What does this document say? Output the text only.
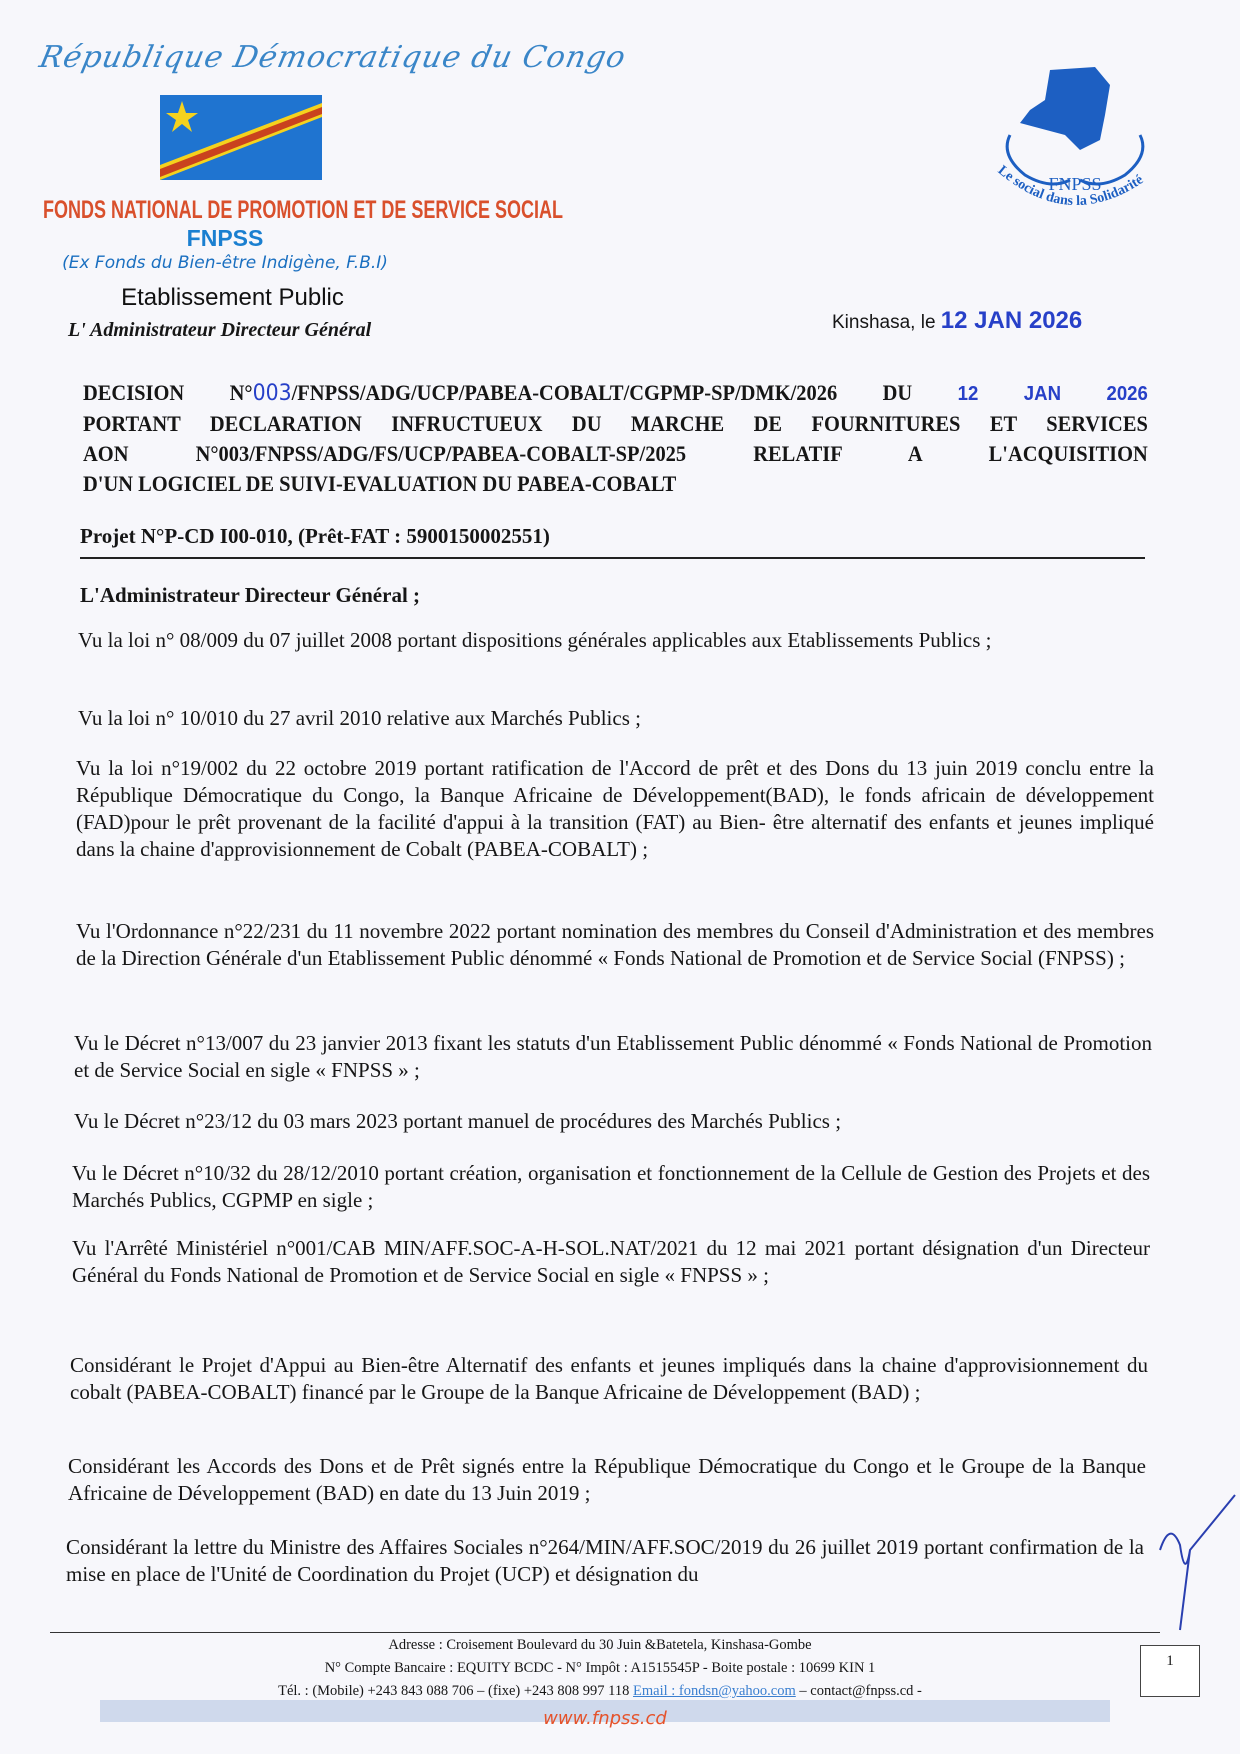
République Démocratique du Congo
FONDS NATIONAL DE PROMOTION ET DE SERVICE SOCIAL
FNPSS
(Ex Fonds du Bien-être Indigène, F.B.I)
Etablissement Public
L' Administrateur Directeur Général
FNPSS
Le social dans la Solidarité
Kinshasa, le 12 JAN 2026
DECISION N°003/FNPSS/ADG/UCP/PABEA-COBALT/CGPMP-SP/DMK/2026 DU 12 JAN 2026
PORTANT DECLARATION INFRUCTUEUX DU MARCHE DE FOURNITURES ET SERVICES
AON N°003/FNPSS/ADG/FS/UCP/PABEA-COBALT-SP/2025 RELATIF A L'ACQUISITION
D'UN LOGICIEL DE SUIVI-EVALUATION DU PABEA-COBALT
Projet N°P-CD I00-010, (Prêt-FAT : 5900150002551)
L'Administrateur Directeur Général ;
Vu la loi n° 08/009 du 07 juillet 2008 portant dispositions générales applicables aux Etablissements Publics ;
Vu la loi n° 10/010 du 27 avril 2010 relative aux Marchés Publics ;
Vu la loi n°19/002 du 22 octobre 2019 portant ratification de l'Accord de prêt et des Dons du 13 juin 2019 conclu entre la République Démocratique du Congo, la Banque Africaine de Développement(BAD), le fonds africain de développement (FAD)pour le prêt provenant de la facilité d'appui à la transition (FAT) au Bien- être alternatif des enfants et jeunes impliqué dans la chaine d'approvisionnement de Cobalt (PABEA-COBALT) ;
Vu l'Ordonnance n°22/231 du 11 novembre 2022 portant nomination des membres du Conseil d'Administration et des membres de la Direction Générale d'un Etablissement Public dénommé « Fonds National de Promotion et de Service Social (FNPSS) ;
Vu le Décret n°13/007 du 23 janvier 2013 fixant les statuts d'un Etablissement Public dénommé « Fonds National de Promotion et de Service Social en sigle « FNPSS » ;
Vu le Décret n°23/12 du 03 mars 2023 portant manuel de procédures des Marchés Publics ;
Vu le Décret n°10/32 du 28/12/2010 portant création, organisation et fonctionnement de la Cellule de Gestion des Projets et des Marchés Publics, CGPMP en sigle ;
Vu l'Arrêté Ministériel n°001/CAB MIN/AFF.SOC-A-H-SOL.NAT/2021 du 12 mai 2021 portant désignation d'un Directeur Général du Fonds National de Promotion et de Service Social en sigle « FNPSS » ;
Considérant le Projet d'Appui au Bien-être Alternatif des enfants et jeunes impliqués dans la chaine d'approvisionnement du cobalt (PABEA-COBALT) financé par le Groupe de la Banque Africaine de Développement (BAD) ;
Considérant les Accords des Dons et de Prêt signés entre la République Démocratique du Congo et le Groupe de la Banque Africaine de Développement (BAD) en date du 13 Juin 2019 ;
Considérant la lettre du Ministre des Affaires Sociales n°264/MIN/AFF.SOC/2019 du 26 juillet 2019 portant confirmation de la mise en place de l'Unité de Coordination du Projet (UCP) et désignation du
Adresse : Croisement Boulevard du 30 Juin &Batetela, Kinshasa-Gombe
N° Compte Bancaire : EQUITY BCDC - N° Impôt : A1515545P - Boite postale : 10699 KIN 1
Tél. : (Mobile) +243 843 088 706 – (fixe) +243 808 997 118 Email : fondsn@yahoo.com – contact@fnpss.cd -
www.fnpss.cd
1
